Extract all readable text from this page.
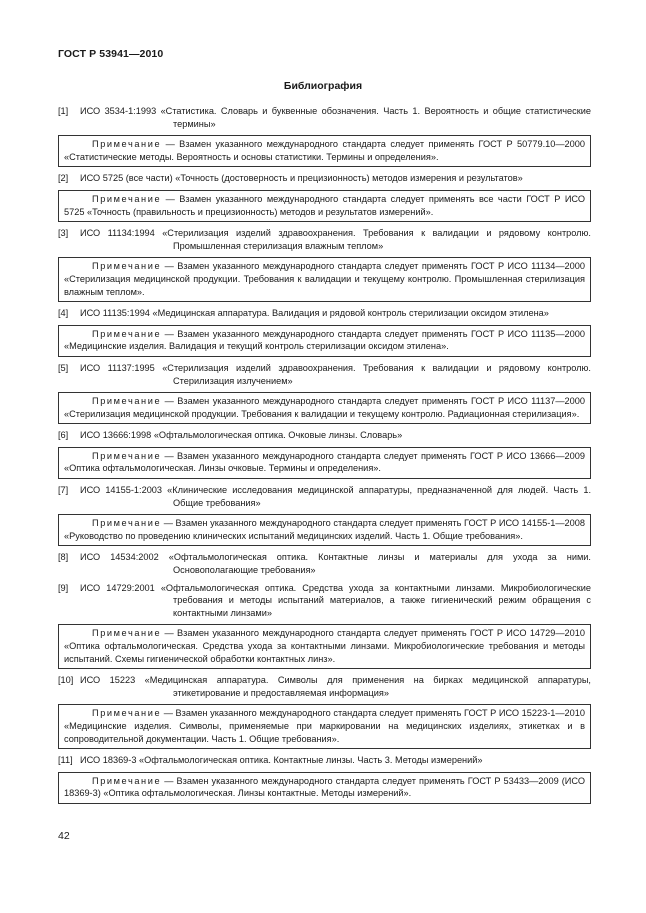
ГОСТ Р 53941—2010
Библиография
[1]	ИСО 3534-1:1993 «Статистика. Словарь и буквенные обозначения. Часть 1. Вероятность и общие статистические термины»
Примечание — Взамен указанного международного стандарта следует применять ГОСТ Р 50779.10—2000 «Статистические методы. Вероятность и основы статистики. Термины и определения».
[2]	ИСО 5725 (все части) «Точность (достоверность и прецизионность) методов измерения и результатов»
Примечание — Взамен указанного международного стандарта следует применять все части ГОСТ Р ИСО 5725 «Точность (правильность и прецизионность) методов и результатов измерений».
[3]	ИСО 11134:1994 «Стерилизация изделий здравоохранения. Требования к валидации и рядовому контролю. Промышленная стерилизация влажным теплом»
Примечание — Взамен указанного международного стандарта следует применять ГОСТ Р ИСО 11134—2000 «Стерилизация медицинской продукции. Требования к валидации и текущему контролю. Промышленная стерилизация влажным теплом».
[4]	ИСО 11135:1994 «Медицинская аппаратура. Валидация и рядовой контроль стерилизации оксидом этилена»
Примечание — Взамен указанного международного стандарта следует применять ГОСТ Р ИСО 11135—2000 «Медицинские изделия. Валидация и текущий контроль стерилизации оксидом этилена».
[5]	ИСО 11137:1995 «Стерилизация изделий здравоохранения. Требования к валидации и рядовому контролю. Стерилизация излучением»
Примечание — Взамен указанного международного стандарта следует применять ГОСТ Р ИСО 11137—2000 «Стерилизация медицинской продукции. Требования к валидации и текущему контролю. Радиационная стерилизация».
[6]	ИСО 13666:1998 «Офтальмологическая оптика. Очковые линзы. Словарь»
Примечание — Взамен указанного международного стандарта следует применять ГОСТ Р ИСО 13666—2009 «Оптика офтальмологическая. Линзы очковые. Термины и определения».
[7]	ИСО 14155-1:2003 «Клинические исследования медицинской аппаратуры, предназначенной для людей. Часть 1. Общие требования»
Примечание — Взамен указанного международного стандарта следует применять ГОСТ Р ИСО 14155-1—2008 «Руководство по проведению клинических испытаний медицинских изделий. Часть 1. Общие требования».
[8]	ИСО 14534:2002 «Офтальмологическая оптика. Контактные линзы и материалы для ухода за ними. Основополагающие требования»
[9]	ИСО 14729:2001 «Офтальмологическая оптика. Средства ухода за контактными линзами. Микробиологические требования и методы испытаний материалов, а также гигиенический режим обращения с контактными линзами»
Примечание — Взамен указанного международного стандарта следует применять ГОСТ Р ИСО 14729—2010 «Оптика офтальмологическая. Средства ухода за контактными линзами. Микробиологические требования и методы испытаний. Схемы гигиенической обработки контактных линз».
[10] ИСО 15223 «Медицинская аппаратура. Символы для применения на бирках медицинской аппаратуры, этикетирование и предоставляемая информация»
Примечание — Взамен указанного международного стандарта следует применять ГОСТ Р ИСО 15223-1—2010 «Медицинские изделия. Символы, применяемые при маркировании на медицинских изделиях, этикетках и в сопроводительной документации. Часть 1. Общие требования».
[11] ИСО 18369-3 «Офтальмологическая оптика. Контактные линзы. Часть 3. Методы измерений»
Примечание — Взамен указанного международного стандарта следует применять ГОСТ Р 53433—2009 (ИСО 18369-3) «Оптика офтальмологическая. Линзы контактные. Методы измерений».
42
